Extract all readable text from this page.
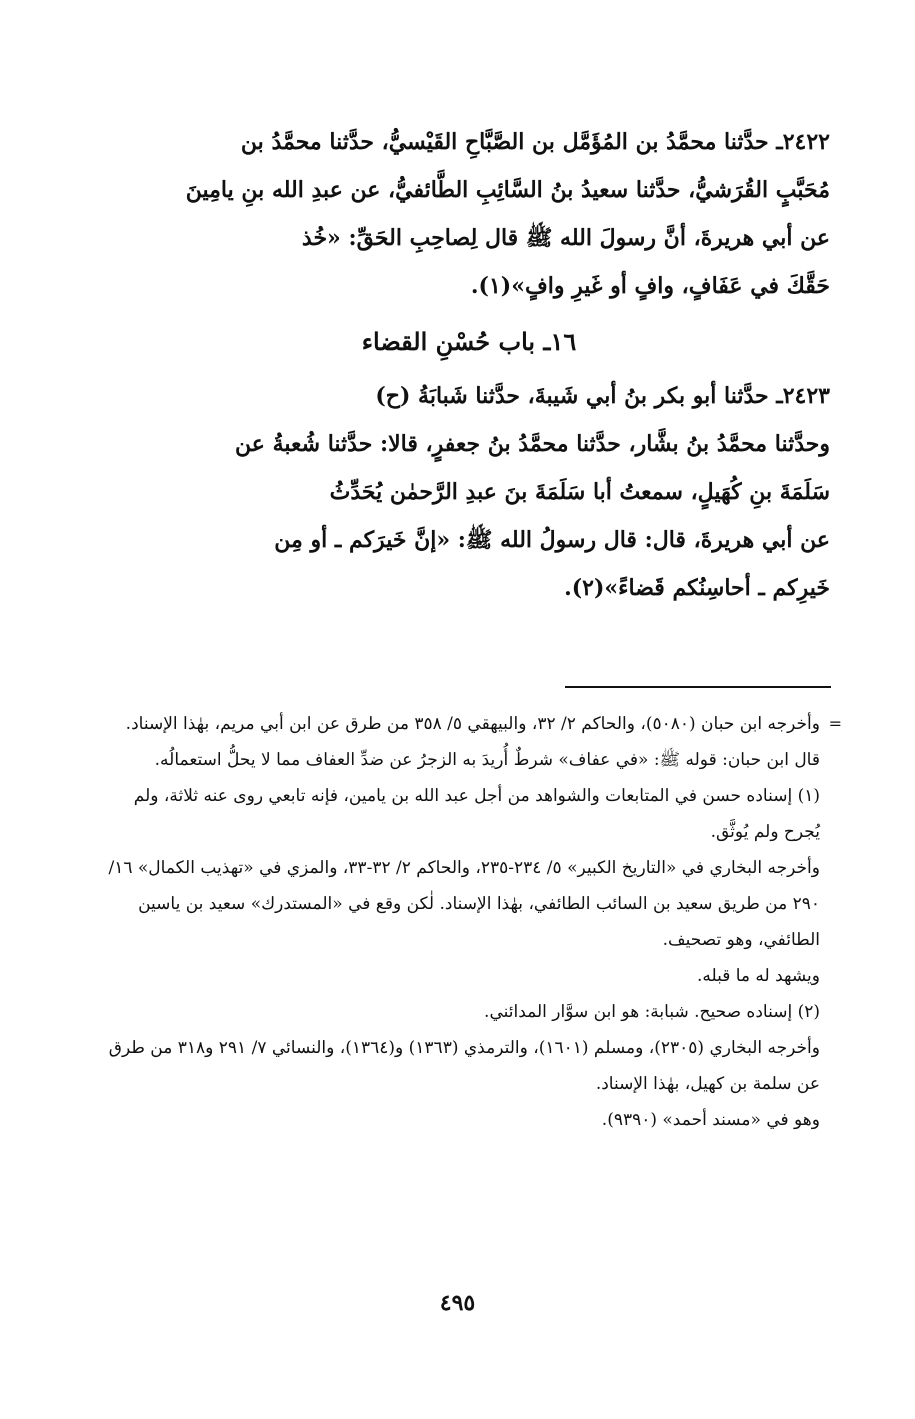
٢٤٢٢ـ حدَّثنا محمَّدُ بن المُؤَمَّل بن الصَّبَّاحِ القَيْسيُّ، حدَّثنا محمَّدُ بن
مُحَبَّبٍ القُرَشيُّ، حدَّثنا سعيدُ بنُ السَّائِبِ الطَّائفيُّ، عن عبدِ الله بنِ يامِينَ
عن أبي هريرةَ، أنَّ رسولَ الله ﷺ قال لِصاحِبِ الحَقِّ: «خُذ
حَقَّكَ في عَفَافٍ، وافٍ أو غَيرِ وافٍ»(١).
١٦ـ باب حُسْنِ القضاء
٢٤٢٣ـ حدَّثنا أبو بكر بنُ أبي شَيبةَ، حدَّثنا شَبابَةُ (ح)
وحدَّثنا محمَّدُ بنُ بشَّار، حدَّثنا محمَّدُ بنُ جعفرٍ، قالا: حدَّثنا شُعبةُ عن
سَلَمَةَ بنِ كُهَيلٍ، سمعتُ أبا سَلَمَةَ بنَ عبدِ الرَّحمٰن يُحَدِّثُ
عن أبي هريرةَ، قال: قال رسولُ الله ﷺ: «إنَّ خَيرَكم ـ أو مِن
خَيرِكم ـ أحاسِنُكم قَضاءً»(٢).
=

وأخرجه ابن حبان (٥٠٨٠)، والحاكم ٢/ ٣٢، والبيهقي ٥/ ٣٥٨ من طرق عن ابن أبي مريم، بهٰذا الإسناد.

قال ابن حبان: قوله ﷺ: «في عفاف» شرطٌ أُريدَ به الزجرُ عن ضدِّ العفاف مما لا يحلُّ استعمالُه.

(١) إسناده حسن في المتابعات والشواهد من أجل عبد الله بن يامين، فإنه تابعي روى عنه ثلاثة، ولم يُجرح ولم يُوثَّق.

وأخرجه البخاري في «التاريخ الكبير» ٥/ ٢٣٤-٢٣٥، والحاكم ٢/ ٣٢-٣٣، والمزي في «تهذيب الكمال» ١٦/ ٢٩٠ من طريق سعيد بن السائب الطائفي، بهٰذا الإسناد. لٰكن وقع في «المستدرك» سعيد بن ياسين الطائفي، وهو تصحيف.

ويشهد له ما قبله.

(٢) إسناده صحيح. شبابة: هو ابن سوَّار المدائني.

وأخرجه البخاري (٢٣٠٥)، ومسلم (١٦٠١)، والترمذي (١٣٦٣) و(١٣٦٤)، والنسائي ٧/ ٢٩١ و٣١٨ من طرق عن سلمة بن كهيل، بهٰذا الإسناد.

وهو في «مسند أحمد» (٩٣٩٠).

٤٩٥
